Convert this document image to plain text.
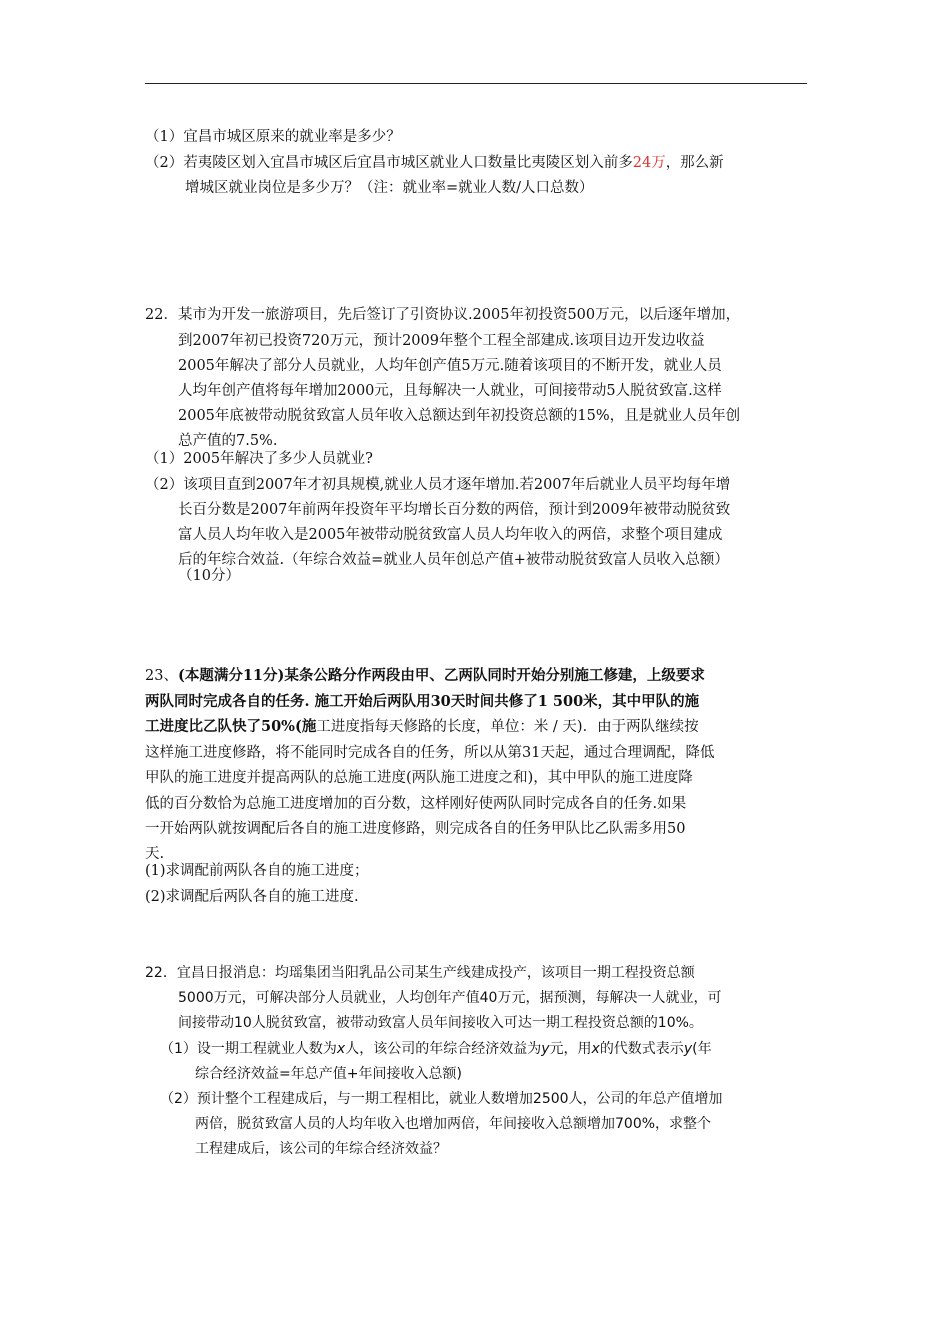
（1）宜昌市城区原来的就业率是多少？
（2）若夷陵区划入宜昌市城区后宜昌市城区就业人口数量比夷陵区划入前多24万，那么新
增城区就业岗位是多少万？（注：就业率=就业人数/人口总数）
22．某市为开发一旅游项目，先后签订了引资协议.2005年初投资500万元，以后逐年增加，
到2007年初已投资720万元，预计2009年整个工程全部建成.该项目边开发边收益
2005年解决了部分人员就业，人均年创产值5万元.随着该项目的不断开发，就业人员
人均年创产值将每年增加2000元，且每解决一人就业，可间接带动5人脱贫致富.这样
2005年底被带动脱贫致富人员年收入总额达到年初投资总额的15%，且是就业人员年创
总产值的7.5%.
（1）2005年解决了多少人员就业?
（2）该项目直到2007年才初具规模,就业人员才逐年增加.若2007年后就业人员平均每年增
长百分数是2007年前两年投资年平均增长百分数的两倍，预计到2009年被带动脱贫致
富人员人均年收入是2005年被带动脱贫致富人员人均年收入的两倍，求整个项目建成
后的年综合效益.（年综合效益=就业人员年创总产值+被带动脱贫致富人员收入总额）
（10分）
23、(本题满分11分)某条公路分作两段由甲、乙两队同时开始分别施工修建，上级要求
两队同时完成各自的任务. 施工开始后两队用30天时间共修了1 500米，其中甲队的施
工进度比乙队快了50%(施工进度指每天修路的长度，单位：米 / 天)．由于两队继续按
这样施工进度修路，将不能同时完成各自的任务，所以从第31天起，通过合理调配，降低
甲队的施工进度并提高两队的总施工进度(两队施工进度之和)，其中甲队的施工进度降
低的百分数恰为总施工进度增加的百分数，这样刚好使两队同时完成各自的任务.如果
一开始两队就按调配后各自的施工进度修路，则完成各自的任务甲队比乙队需多用50
天.
(1)求调配前两队各自的施工进度；
(2)求调配后两队各自的施工进度.
22．宜昌日报消息：均瑶集团当阳乳品公司某生产线建成投产，该项目一期工程投资总额
5000万元，可解决部分人员就业，人均创年产值40万元，据预测，每解决一人就业，可
间接带动10人脱贫致富，被带动致富人员年间接收入可达一期工程投资总额的10%。
（1）设一期工程就业人数为x人，该公司的年综合经济效益为y元，用x的代数式表示y(年
综合经济效益=年总产值+年间接收入总额)
（2）预计整个工程建成后，与一期工程相比，就业人数增加2500人，公司的年总产值增加
两倍，脱贫致富人员的人均年收入也增加两倍，年间接收入总额增加700%，求整个
工程建成后，该公司的年综合经济效益？
